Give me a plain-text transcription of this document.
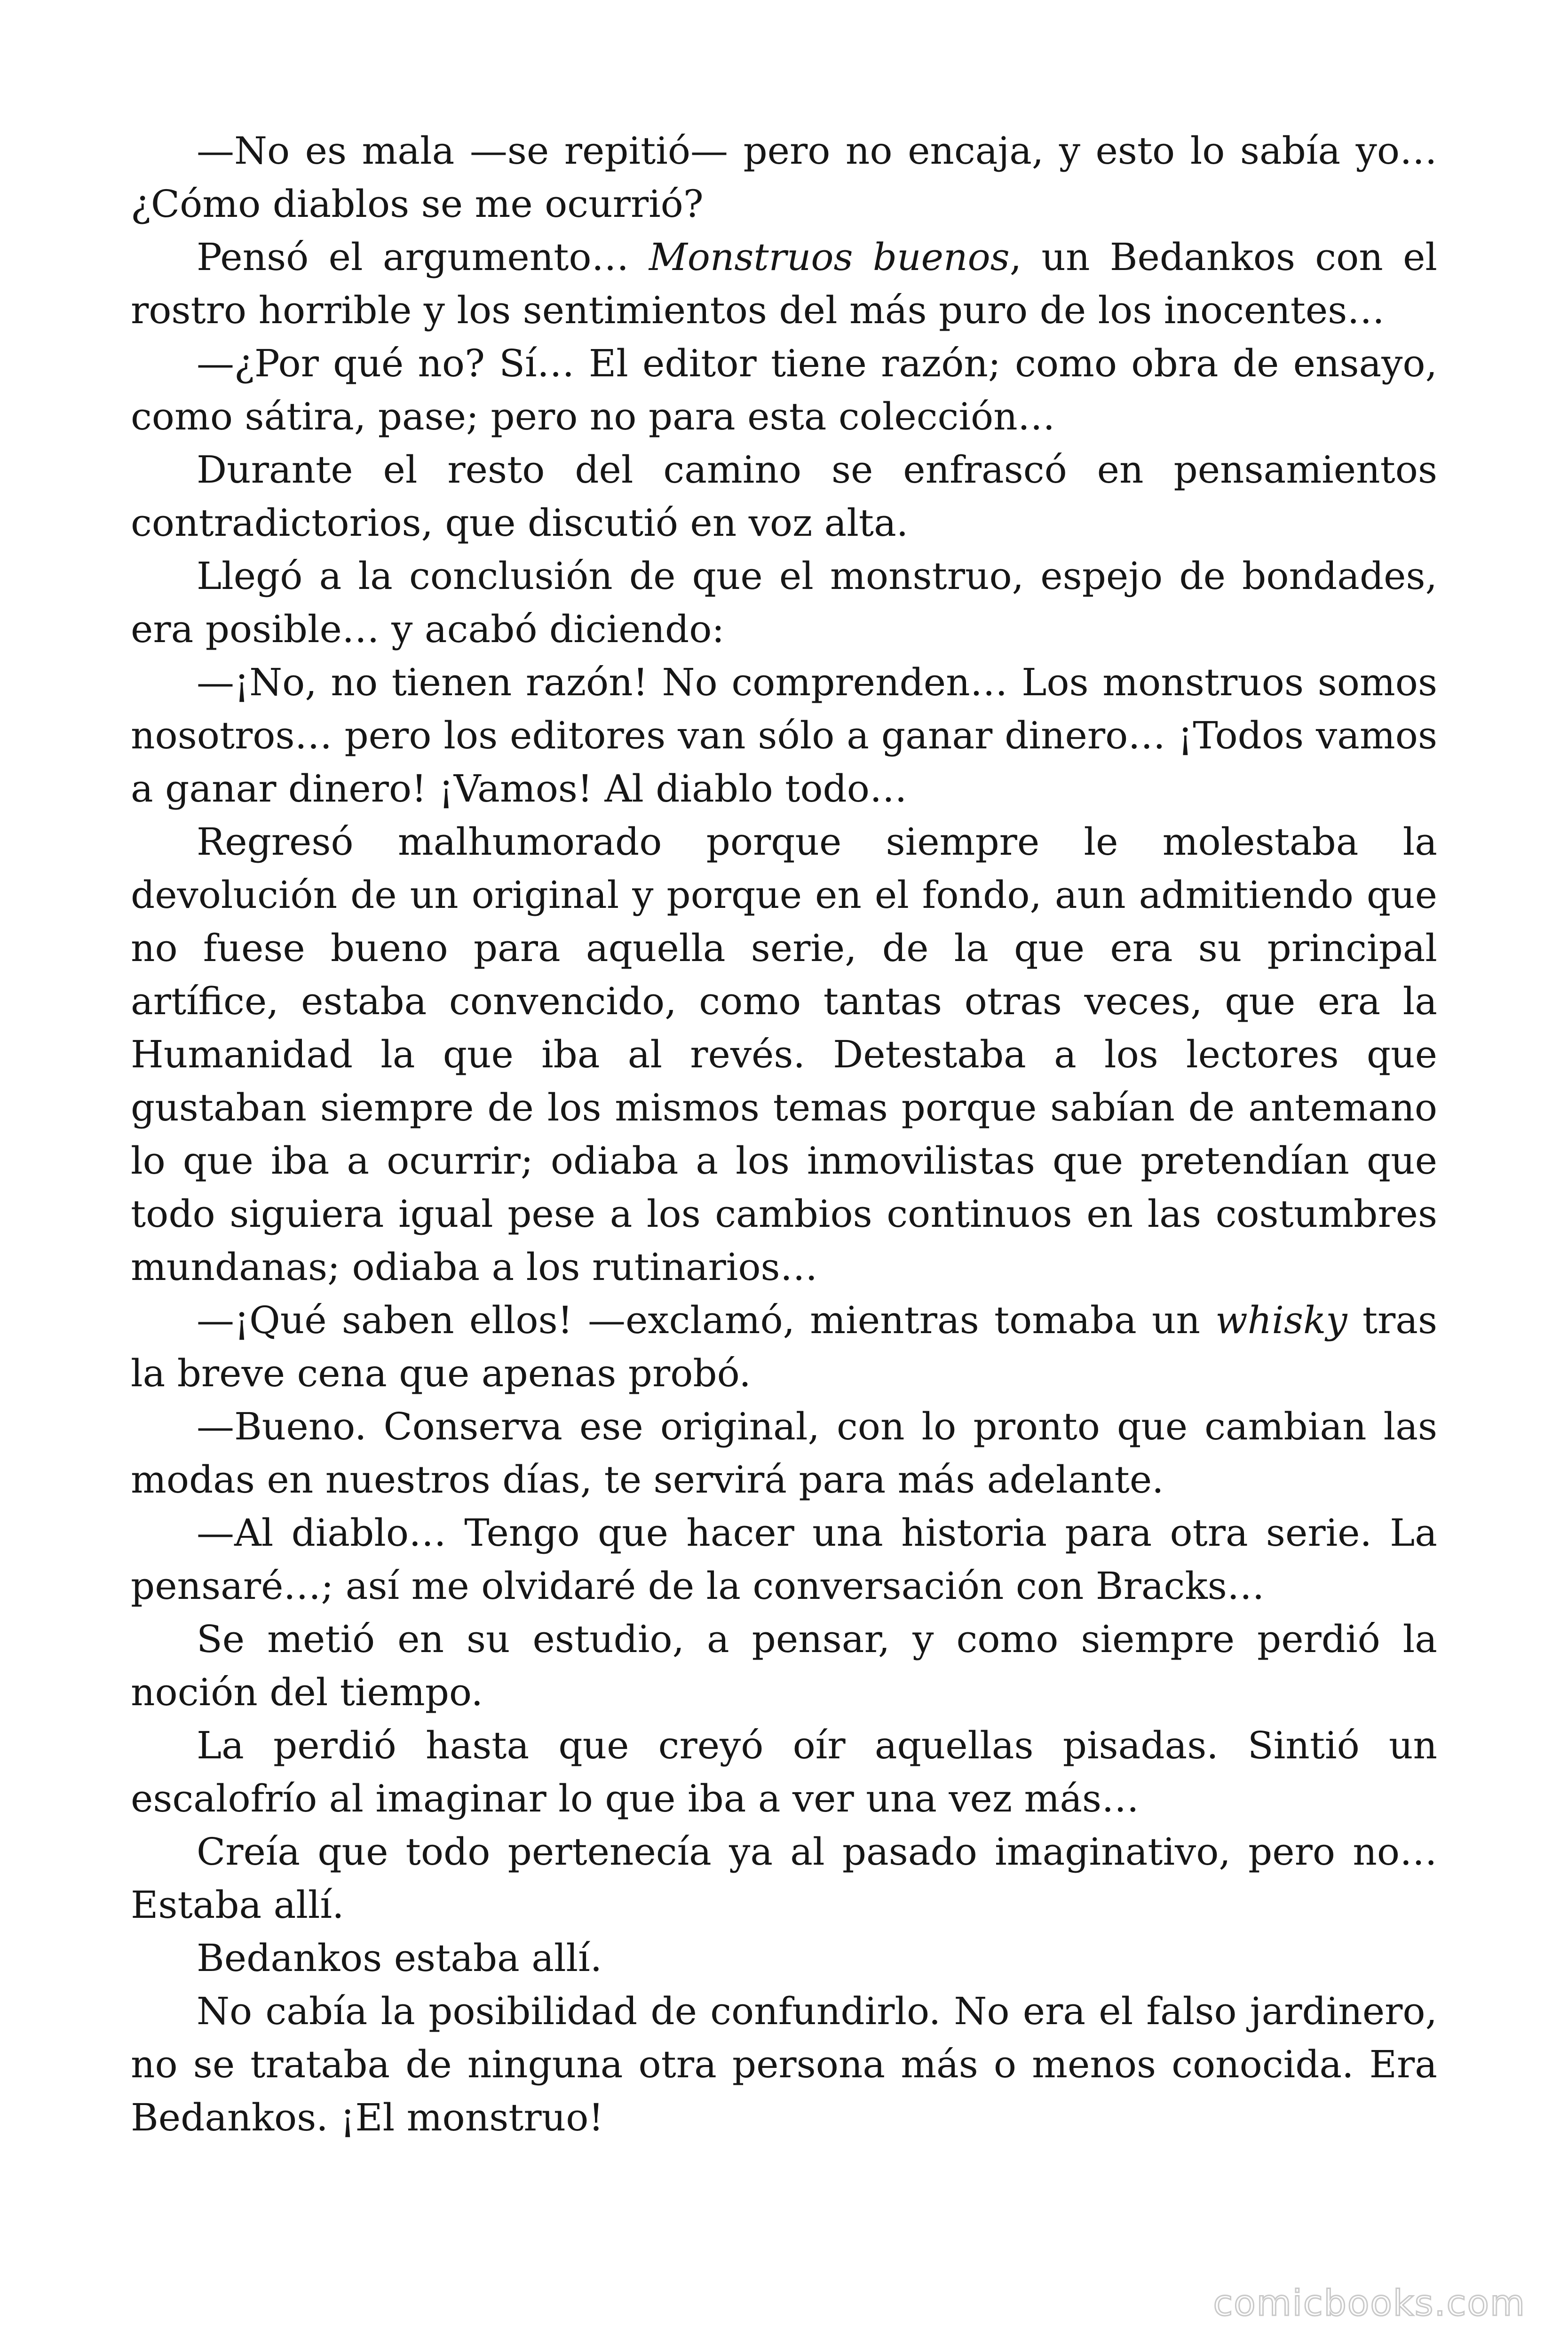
—No es mala —se repitió— pero no encaja, y esto lo sabía yo… ¿Cómo diablos se me ocurrió?

Pensó el argumento… Monstruos buenos, un Bedankos con el rostro horrible y los sentimientos del más puro de los inocentes…

—¿Por qué no? Sí… El editor tiene razón; como obra de ensayo, como sátira, pase; pero no para esta colección…

Durante el resto del camino se enfrascó en pensamientos contradictorios, que discutió en voz alta.

Llegó a la conclusión de que el monstruo, espejo de bondades, era posible… y acabó diciendo:

—¡No, no tienen razón! No comprenden… Los monstruos somos nosotros… pero los editores van sólo a ganar dinero… ¡Todos vamos a ganar dinero! ¡Vamos! Al diablo todo…

Regresó malhumorado porque siempre le molestaba la devolución de un original y porque en el fondo, aun admitiendo que no fuese bueno para aquella serie, de la que era su principal artífice, estaba convencido, como tantas otras veces, que era la Humanidad la que iba al revés. Detestaba a los lectores que gustaban siempre de los mismos temas porque sabían de antemano lo que iba a ocurrir; odiaba a los inmovilistas que pretendían que todo siguiera igual pese a los cambios continuos en las costumbres mundanas; odiaba a los rutinarios…

—¡Qué saben ellos! —exclamó, mientras tomaba un whisky tras la breve cena que apenas probó.

—Bueno. Conserva ese original, con lo pronto que cambian las modas en nuestros días, te servirá para más adelante.

—Al diablo… Tengo que hacer una historia para otra serie. La pensaré…; así me olvidaré de la conversación con Bracks…

Se metió en su estudio, a pensar, y como siempre perdió la noción del tiempo.

La perdió hasta que creyó oír aquellas pisadas. Sintió un escalofrío al imaginar lo que iba a ver una vez más…

Creía que todo pertenecía ya al pasado imaginativo, pero no… Estaba allí.

Bedankos estaba allí.

No cabía la posibilidad de confundirlo. No era el falso jardinero, no se trataba de ninguna otra persona más o menos conocida. Era Bedankos. ¡El monstruo!

comicbooks.com
